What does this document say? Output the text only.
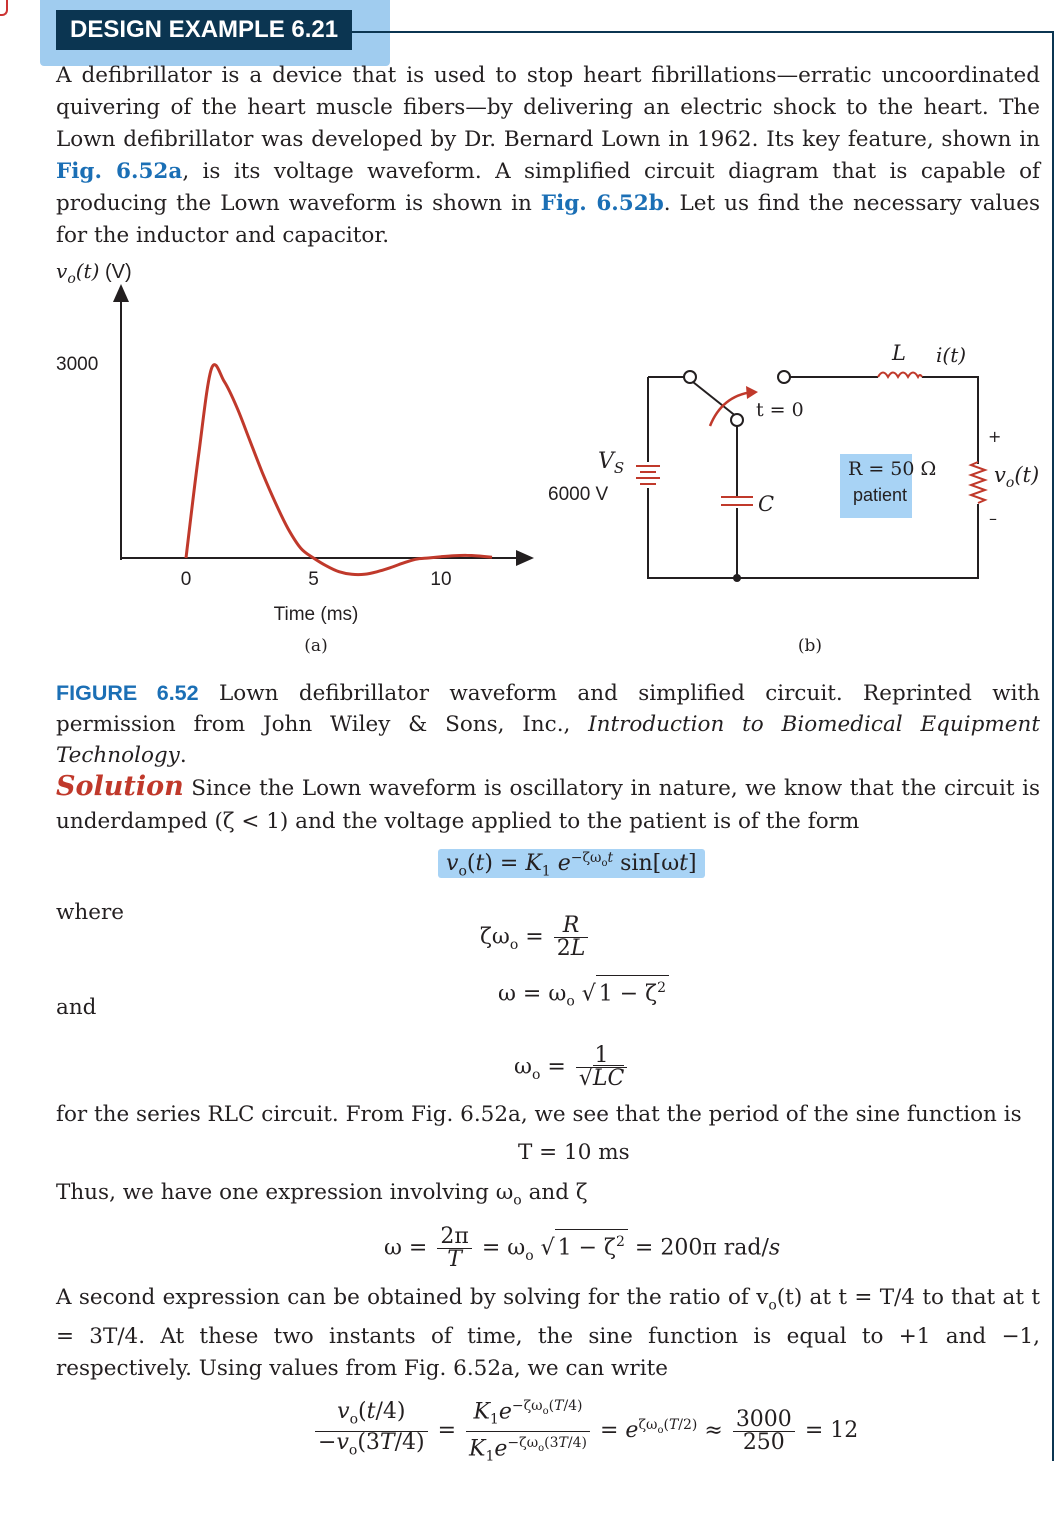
DESIGN EXAMPLE 6.21

A defibrillator is a device that is used to stop heart fibrillations—erratic uncoordinated quivering of the heart muscle fibers—by delivering an electric shock to the heart. The Lown defibrillator was developed by Dr. Bernard Lown in 1962. Its key feature, shown in Fig. 6.52a, is its voltage waveform. A simplified circuit diagram that is capable of producing the Lown waveform is shown in Fig. 6.52b. Let us find the necessary values for the inductor and capacitor.

$v_o(t)$ (V)
3000
0	5	10
Time (ms)
(a)
L i(t)
t = 0
$V_S$
6000 V	C
R = 50 Ω
patient
+
–
$v_o(t)$
(b)
FIGURE 6.52 Lown defibrillator waveform and simplified circuit. Reprinted with permission from John Wiley & Sons, Inc., Introduction to Biomedical Equipment Technology.

Solution Since the Lown waveform is oscillatory in nature, we know that the circuit is underdamped (ζ < 1) and the voltage applied to the patient is of the form

$v_o(t) = K_1$ $e^{-\zeta\omega_ot}$ sin[ωt]
where
$\zeta\omega_o = \frac{R}{2L}$
$\omega = \omega_o$ √ $1 - \zeta^2$
and
$\omega_o = \frac{1}{√LC}$
for the series RLC circuit. From Fig. 6.52a, we see that the period of the sine function is
T = 10 ms
Thus, we have one expression involving $\omega_o$ and ζ
$\omega = \frac{2\pi}{T} = \omega_o$ √ $1 - \zeta^2 = 200\pi$ rad/s

A second expression can be obtained by solving for the ratio of $v_o(t)$ at t = T/4 to that at t = 3T/4. At these two instants of time, the sine function is equal to +1 and −1, respectively. Using values from Fig. 6.52a, we can write

$\frac{v_o(t/4)}{-v_o(3T/4)} = \frac{K_1e^{-\zeta\omega_o(T/4)}}{K_1e^{-\zeta\omega_o(3T/4)}} = e^{\zeta\omega_o(T/2)} \approx \frac{3000}{250} = 12$
